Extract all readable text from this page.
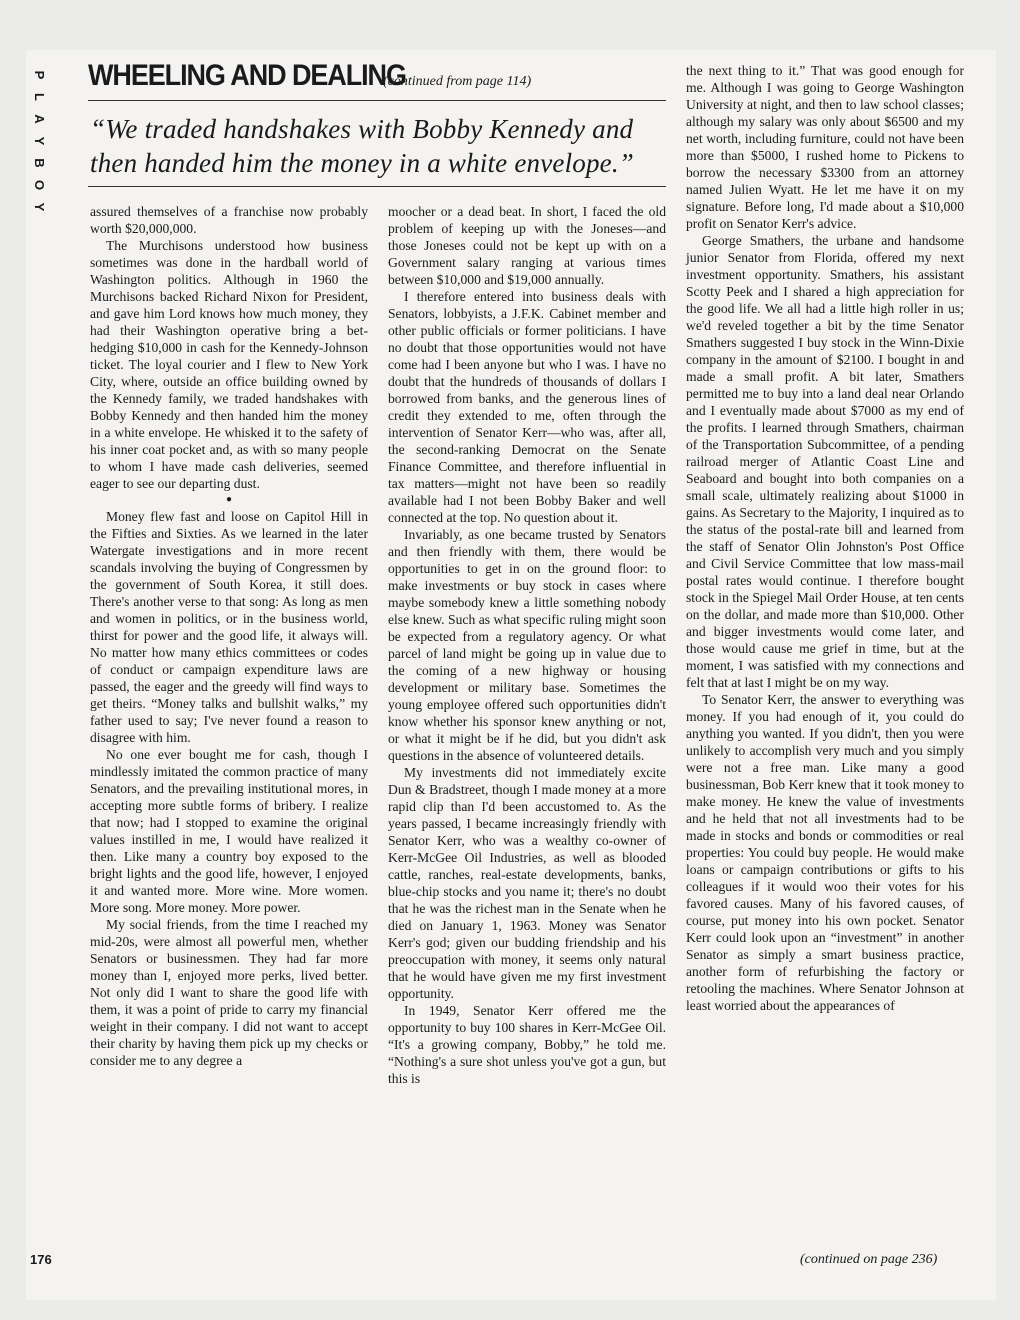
P
L
A
Y
B
O
Y
WHEELING AND DEALING
(continued from page 114)
“We traded handshakes with Bobby Kennedy and then handed him the money in a white envelope.”

assured themselves of a franchise now probably worth $20,000,000.

The Murchisons understood how business sometimes was done in the hardball world of Washington politics. Although in 1960 the Murchisons backed Richard Nixon for President, and gave him Lord knows how much money, they had their Washington operative bring a bet-hedging $10,000 in cash for the Kennedy-Johnson ticket. The loyal courier and I flew to New York City, where, outside an office building owned by the Kennedy family, we traded handshakes with Bobby Kennedy and then handed him the money in a white envelope. He whisked it to the safety of his inner coat pocket and, as with so many people to whom I have made cash deliveries, seemed eager to see our departing dust.

●

Money flew fast and loose on Capitol Hill in the Fifties and Sixties. As we learned in the later Watergate investigations and in more recent scandals involving the buying of Congressmen by the government of South Korea, it still does. There's another verse to that song: As long as men and women in politics, or in the business world, thirst for power and the good life, it always will. No matter how many ethics committees or codes of conduct or campaign expenditure laws are passed, the eager and the greedy will find ways to get theirs. “Money talks and bullshit walks,” my father used to say; I've never found a reason to disagree with him.

No one ever bought me for cash, though I mindlessly imitated the common practice of many Senators, and the prevailing institutional mores, in accepting more subtle forms of bribery. I realize that now; had I stopped to examine the original values instilled in me, I would have realized it then. Like many a country boy exposed to the bright lights and the good life, however, I enjoyed it and wanted more. More wine. More women. More song. More money. More power.

My social friends, from the time I reached my mid-20s, were almost all powerful men, whether Senators or businessmen. They had far more money than I, enjoyed more perks, lived better. Not only did I want to share the good life with them, it was a point of pride to carry my financial weight in their company. I did not want to accept their charity by having them pick up my checks or consider me to any degree a

moocher or a dead beat. In short, I faced the old problem of keeping up with the Joneses—and those Joneses could not be kept up with on a Government salary ranging at various times between $10,000 and $19,000 annually.

I therefore entered into business deals with Senators, lobbyists, a J.F.K. Cabinet member and other public officials or former politicians. I have no doubt that those opportunities would not have come had I been anyone but who I was. I have no doubt that the hundreds of thousands of dollars I borrowed from banks, and the generous lines of credit they extended to me, often through the intervention of Senator Kerr—who was, after all, the second-ranking Democrat on the Senate Finance Committee, and therefore influential in tax matters—might not have been so readily available had I not been Bobby Baker and well connected at the top. No question about it.

Invariably, as one became trusted by Senators and then friendly with them, there would be opportunities to get in on the ground floor: to make investments or buy stock in cases where maybe somebody knew a little something nobody else knew. Such as what specific ruling might soon be expected from a regulatory agency. Or what parcel of land might be going up in value due to the coming of a new highway or housing development or military base. Sometimes the young employee offered such opportunities didn't know whether his sponsor knew anything or not, or what it might be if he did, but you didn't ask questions in the absence of volunteered details.

My investments did not immediately excite Dun & Bradstreet, though I made money at a more rapid clip than I'd been accustomed to. As the years passed, I became increasingly friendly with Senator Kerr, who was a wealthy co-owner of Kerr-McGee Oil Industries, as well as blooded cattle, ranches, real-estate developments, banks, blue-chip stocks and you name it; there's no doubt that he was the richest man in the Senate when he died on January 1, 1963. Money was Senator Kerr's god; given our budding friendship and his preoccupation with money, it seems only natural that he would have given me my first investment opportunity.

In 1949, Senator Kerr offered me the opportunity to buy 100 shares in Kerr-McGee Oil. “It's a growing company, Bobby,” he told me. “Nothing's a sure shot unless you've got a gun, but this is

the next thing to it.” That was good enough for me. Although I was going to George Washington University at night, and then to law school classes; although my salary was only about $6500 and my net worth, including furniture, could not have been more than $5000, I rushed home to Pickens to borrow the necessary $3300 from an attorney named Julien Wyatt. He let me have it on my signature. Before long, I'd made about a $10,000 profit on Senator Kerr's advice.

George Smathers, the urbane and handsome junior Senator from Florida, offered my next investment opportunity. Smathers, his assistant Scotty Peek and I shared a high appreciation for the good life. We all had a little high roller in us; we'd reveled together a bit by the time Senator Smathers suggested I buy stock in the Winn-Dixie company in the amount of $2100. I bought in and made a small profit. A bit later, Smathers permitted me to buy into a land deal near Orlando and I eventually made about $7000 as my end of the profits. I learned through Smathers, chairman of the Transportation Subcommittee, of a pending railroad merger of Atlantic Coast Line and Seaboard and bought into both companies on a small scale, ultimately realizing about $1000 in gains. As Secretary to the Majority, I inquired as to the status of the postal-rate bill and learned from the staff of Senator Olin Johnston's Post Office and Civil Service Committee that low mass-mail postal rates would continue. I therefore bought stock in the Spiegel Mail Order House, at ten cents on the dollar, and made more than $10,000. Other and bigger investments would come later, and those would cause me grief in time, but at the moment, I was satisfied with my connections and felt that at last I might be on my way.

To Senator Kerr, the answer to everything was money. If you had enough of it, you could do anything you wanted. If you didn't, then you were unlikely to accomplish very much and you simply were not a free man. Like many a good businessman, Bob Kerr knew that it took money to make money. He knew the value of investments and he held that not all investments had to be made in stocks and bonds or commodities or real properties: You could buy people. He would make loans or campaign contributions or gifts to his colleagues if it would woo their votes for his favored causes. Many of his favored causes, of course, put money into his own pocket. Senator Kerr could look upon an “investment” in another Senator as simply a smart business practice, another form of refurbishing the factory or retooling the machines. Where Senator Johnson at least worried about the appearances of

176	(continued on page 236)
